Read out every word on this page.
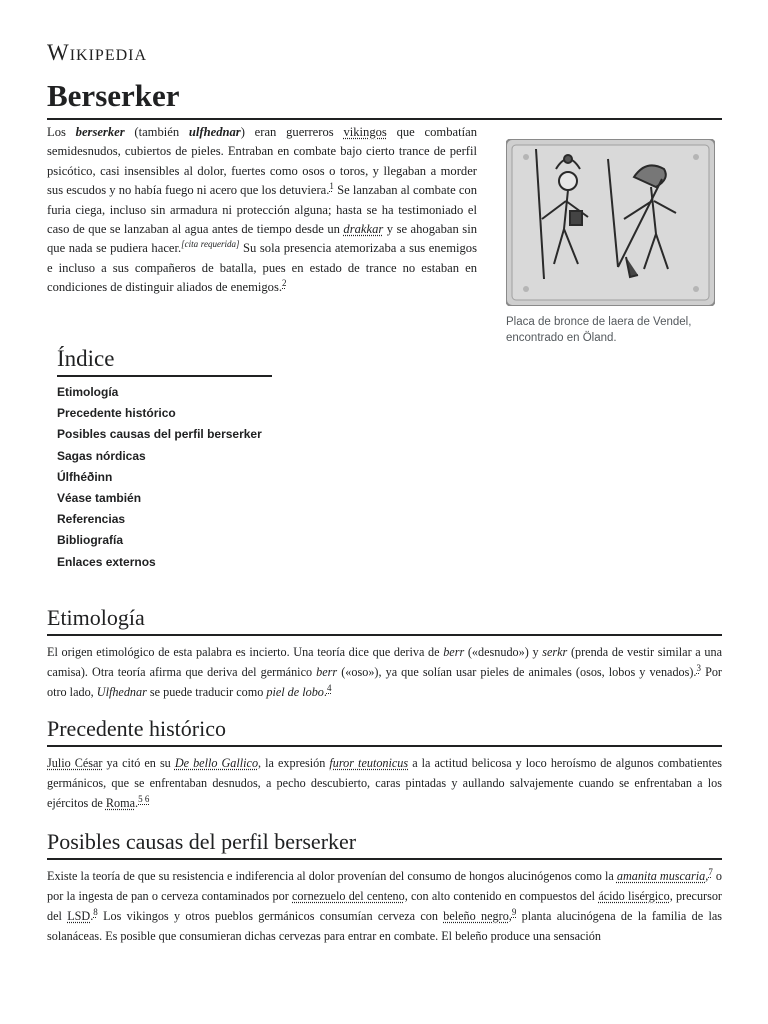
Wikipedia
Berserker
Los berserker (también ulfhednar) eran guerreros vikingos que combatían semidesnudos, cubiertos de pieles. Entraban en combate bajo cierto trance de perfil psicótico, casi insensibles al dolor, fuertes como osos o toros, y llegaban a morder sus escudos y no había fuego ni acero que los detuviera.$^1$ Se lanzaban al combate con furia ciega, incluso sin armadura ni protección alguna; hasta se ha testimoniado el caso de que se lanzaban al agua antes de tiempo desde un drakkar y se ahogaban sin que nada se pudiera hacer.[cita requerida] Su sola presencia atemorizaba a sus enemigos e incluso a sus compañeros de batalla, pues en estado de trance no estaban en condiciones de distinguir aliados de enemigos.$^2$
Placa de bronce de laera de Vendel, encontrado en Öland.
Índice
Etimología
Precedente histórico
Posibles causas del perfil berserker
Sagas nórdicas
Úlfhéðinn
Véase también
Referencias
Bibliografía
Enlaces externos
Etimología

El origen etimológico de esta palabra es incierto. Una teoría dice que deriva de berr («desnudo») y serkr (prenda de vestir similar a una camisa). Otra teoría afirma que deriva del germánico berr («oso»), ya que solían usar pieles de animales (osos, lobos y venados).$^3$ Por otro lado, Ulfhednar se puede traducir como piel de lobo.$^4$

Precedente histórico

Julio César ya citó en su De bello Gallico, la expresión furor teutonicus a la actitud belicosa y loco heroísmo de algunos combatientes germánicos, que se enfrentaban desnudos, a pecho descubierto, caras pintadas y aullando salvajemente cuando se enfrentaban a los ejércitos de Roma.$^{5 6}$

Posibles causas del perfil berserker

Existe la teoría de que su resistencia e indiferencia al dolor provenían del consumo de hongos alucinógenos como la amanita muscaria,$^7$ o por la ingesta de pan o cerveza contaminados por cornezuelo del centeno, con alto contenido en compuestos del ácido lisérgico, precursor del LSD.$^8$ Los vikingos y otros pueblos germánicos consumían cerveza con beleño negro,$^9$ planta alucinógena de la familia de las solanáceas. Es posible que consumieran dichas cervezas para entrar en combate. El beleño produce una sensación
